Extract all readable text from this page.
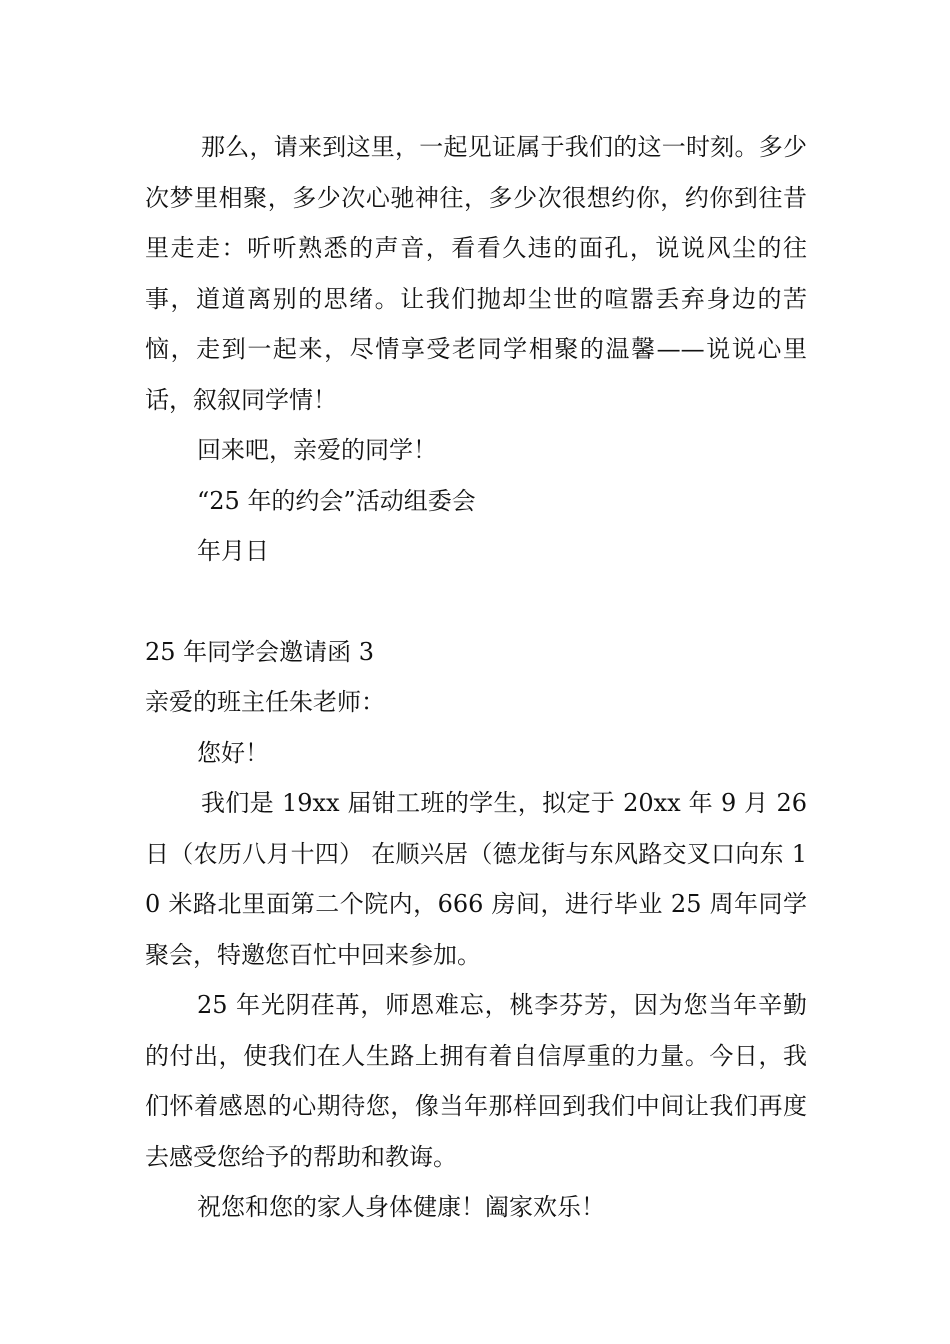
那么，请来到这里，一起见证属于我们的这一时刻。多少次梦里相聚，多少次心驰神往，多少次很想约你，约你到往昔里走走：听听熟悉的声音，看看久违的面孔，说说风尘的往事，道道离别的思绪。让我们抛却尘世的喧嚣丢弃身边的苦恼，走到一起来，尽情享受老同学相聚的温馨——说说心里话，叙叙同学情！

回来吧，亲爱的同学！

“25 年的约会”活动组委会

年月日

25 年同学会邀请函 3

亲爱的班主任朱老师：

您好！

我们是 19xx 届钳工班的学生，拟定于 20xx 年 9 月 26 日（农历八月十四） 在顺兴居（德龙街与东风路交叉口向东 10 米路北里面第二个院内，666 房间，进行毕业 25 周年同学聚会，特邀您百忙中回来参加。

25 年光阴荏苒，师恩难忘，桃李芬芳，因为您当年辛勤的付出，使我们在人生路上拥有着自信厚重的力量。今日，我们怀着感恩的心期待您，像当年那样回到我们中间让我们再度去感受您给予的帮助和教诲。

祝您和您的家人身体健康！阖家欢乐！
